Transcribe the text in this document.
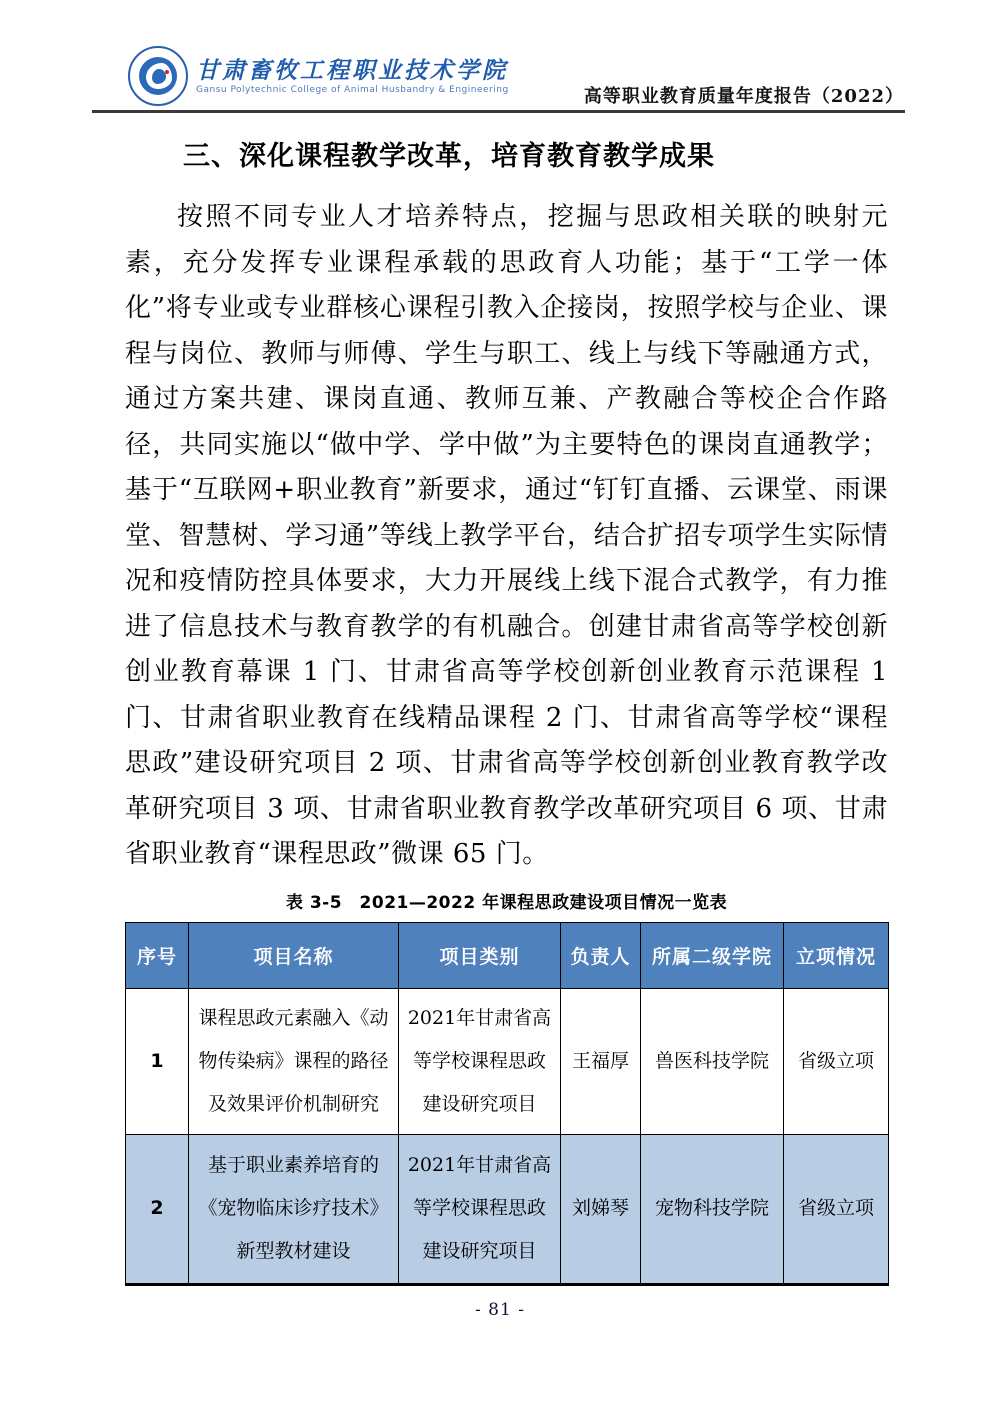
甘肃畜牧工程职业技术学院
Gansu Polytechnic College of Animal Husbandry & Engineering	高等职业教育质量年度报告（2022）
三、深化课程教学改革，培育教育教学成果
按照不同专业人才培养特点，挖掘与思政相关联的映射元素，充分发挥专业课程承载的思政育人功能；基于“工学一体化”将专业或专业群核心课程引教入企接岗，按照学校与企业、课程与岗位、教师与师傅、学生与职工、线上与线下等融通方式，通过方案共建、课岗直通、教师互兼、产教融合等校企合作路径，共同实施以“做中学、学中做”为主要特色的课岗直通教学；基于“互联网+职业教育”新要求，通过“钉钉直播、云课堂、雨课堂、智慧树、学习通”等线上教学平台，结合扩招专项学生实际情况和疫情防控具体要求，大力开展线上线下混合式教学，有力推进了信息技术与教育教学的有机融合。创建甘肃省高等学校创新创业教育幕课 1 门、甘肃省高等学校创新创业教育示范课程 1 门、甘肃省职业教育在线精品课程 2 门、甘肃省高等学校“课程思政”建设研究项目 2 项、甘肃省高等学校创新创业教育教学改革研究项目 3 项、甘肃省职业教育教学改革研究项目 6 项、甘肃省职业教育“课程思政”微课 65 门。
表 3-5　2021—2022 年课程思政建设项目情况一览表
序号	项目名称	项目类别	负责人	所属二级学院	立项情况
1	课程思政元素融入《动物传染病》课程的路径及效果评价机制研究	2021年甘肃省高等学校课程思政建设研究项目	王福厚	兽医科技学院	省级立项
2	基于职业素养培育的《宠物临床诊疗技术》新型教材建设	2021年甘肃省高等学校课程思政建设研究项目	刘娣琴	宠物科技学院	省级立项
- 81 -
